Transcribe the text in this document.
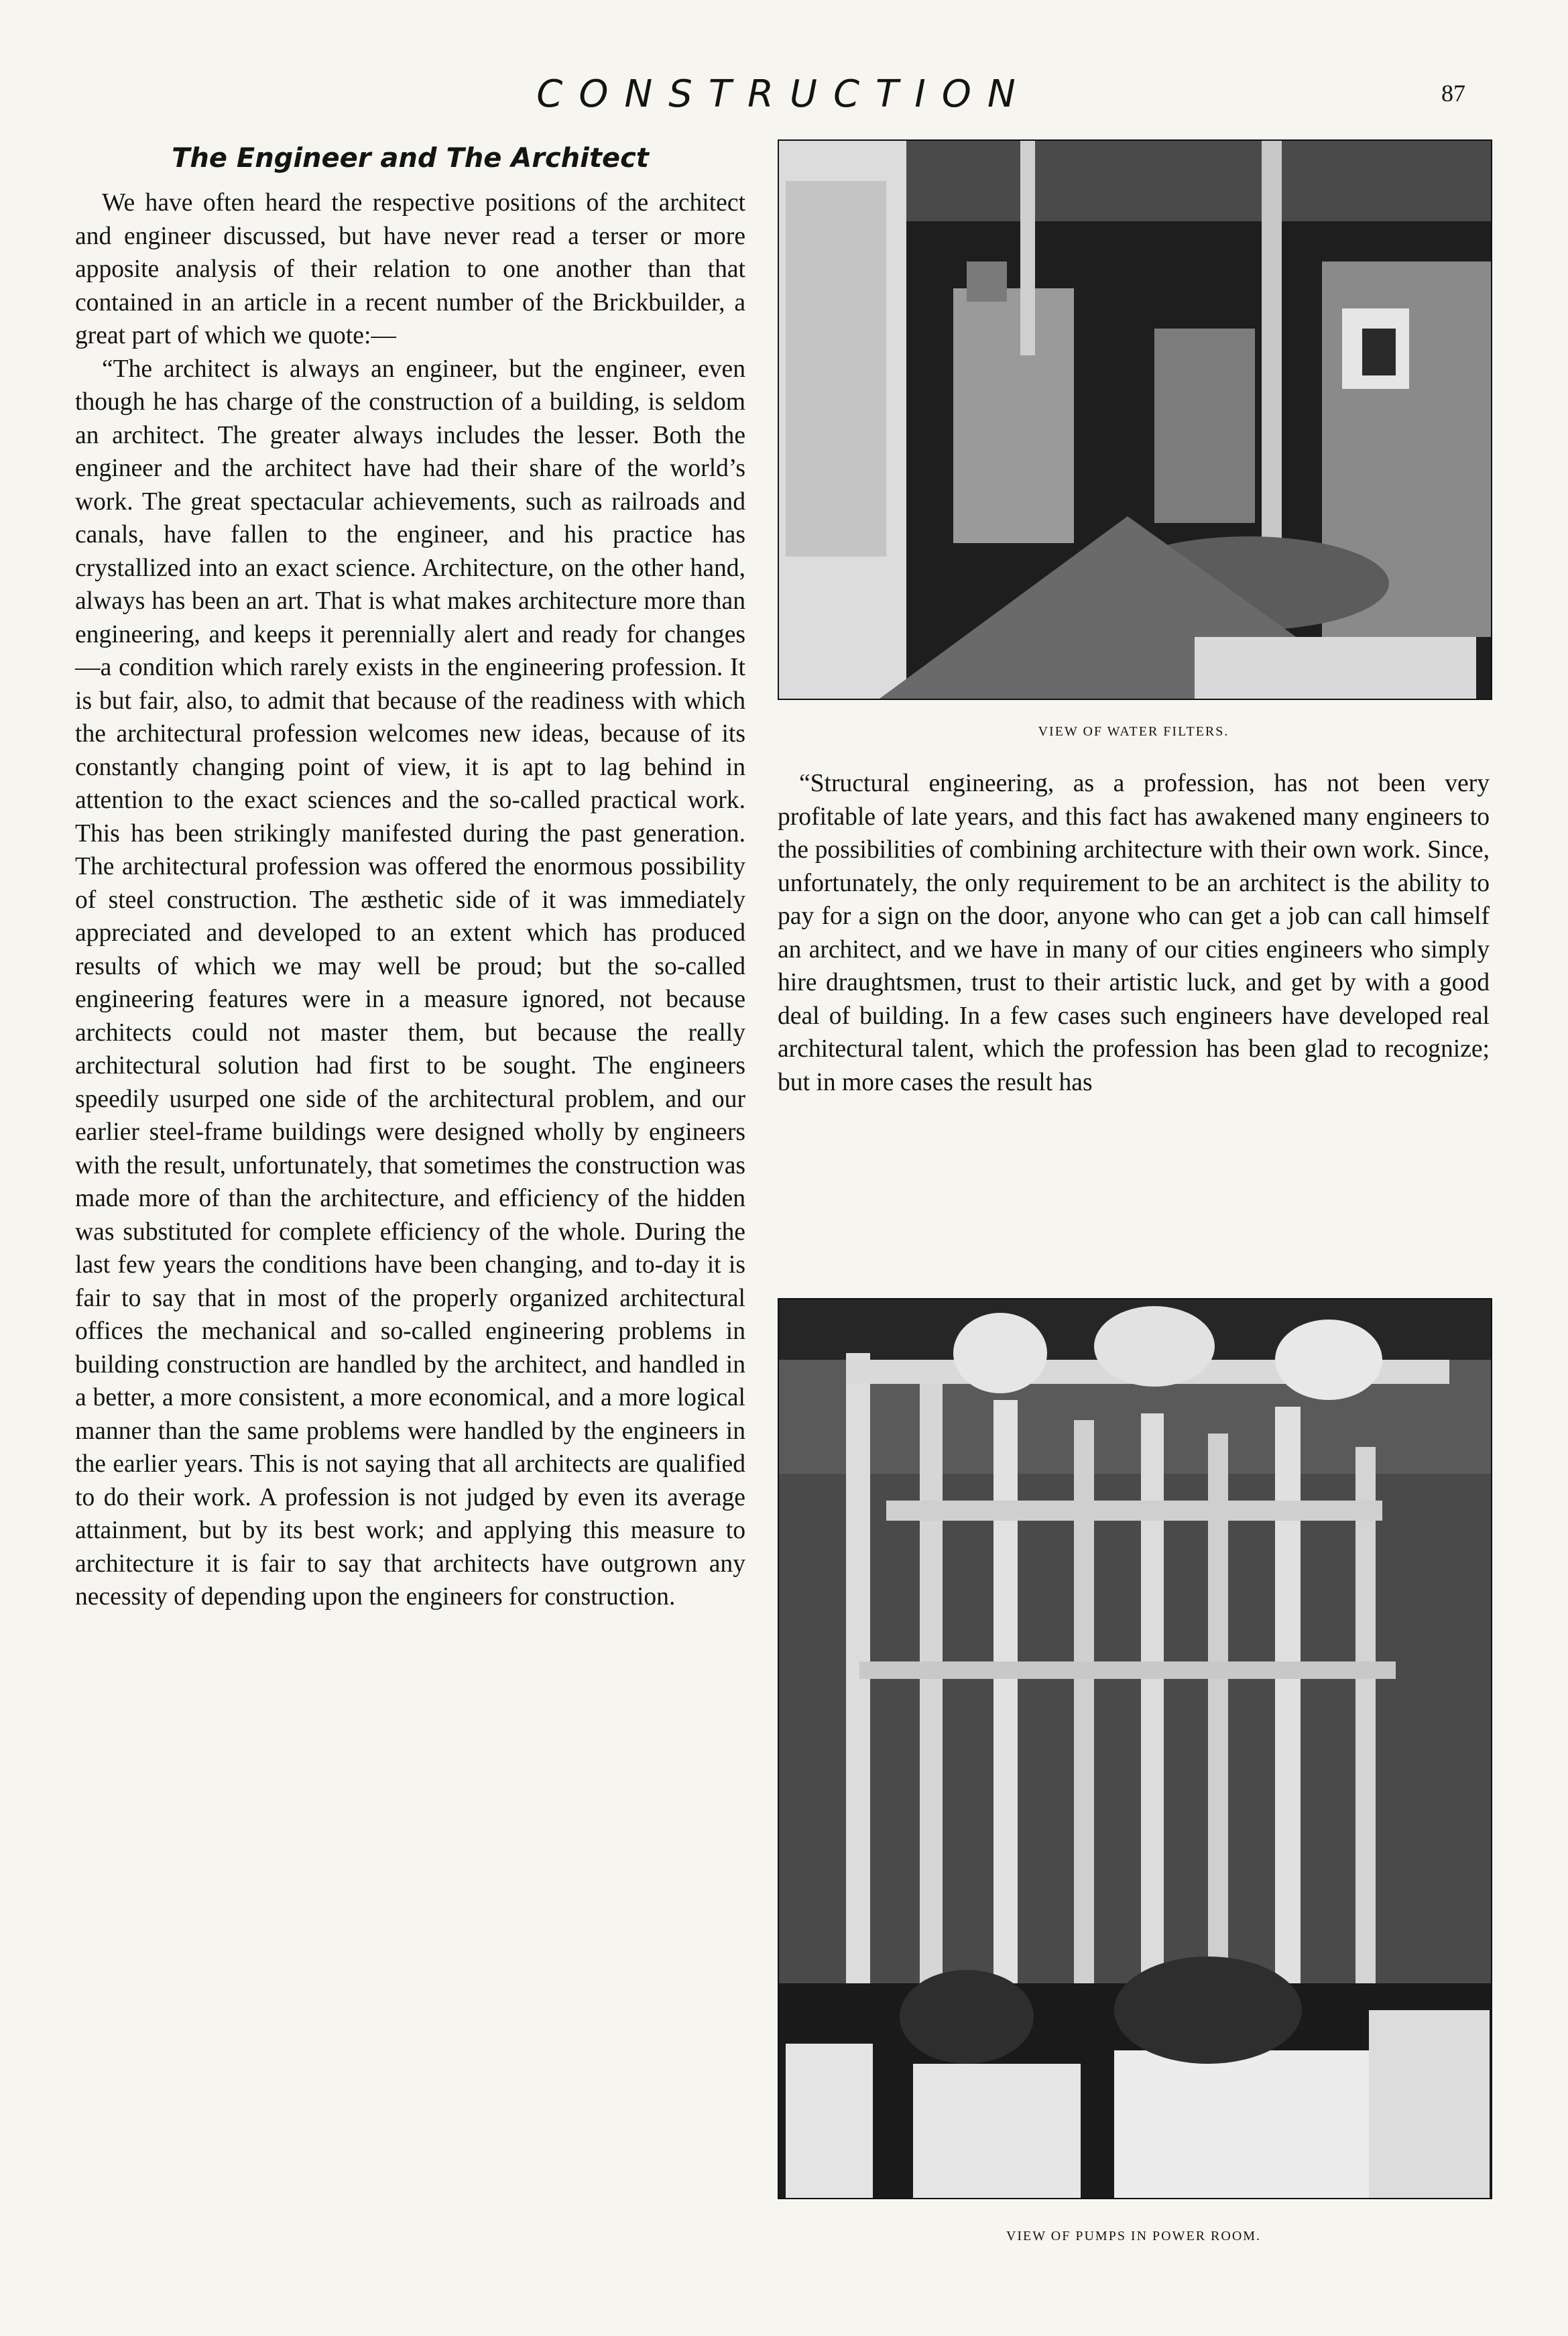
CONSTRUCTION	87
The Engineer and The Architect

We have often heard the respective positions of the architect and engineer discussed, but have never read a terser or more apposite analysis of their relation to one another than that contained in an article in a recent number of the Brickbuilder, a great part of which we quote:—

“The architect is always an engineer, but the engineer, even though he has charge of the construction of a building, is seldom an architect. The greater always includes the lesser. Both the engineer and the architect have had their share of the world’s work. The great spectacular achievements, such as railroads and canals, have fallen to the engineer, and his practice has crystallized into an exact science. Architecture, on the other hand, always has been an art. That is what makes architecture more than engineering, and keeps it perennially alert and ready for changes—a condition which rarely exists in the engineering profession. It is but fair, also, to admit that because of the readiness with which the architectural profession welcomes new ideas, because of its constantly changing point of view, it is apt to lag behind in attention to the exact sciences and the so-called practical work. This has been strikingly manifested during the past generation. The architectural profession was offered the enormous possibility of steel construction. The æsthetic side of it was immediately appreciated and developed to an extent which has produced results of which we may well be proud; but the so-called engineering features were in a measure ignored, not because architects could not master them, but because the really architectural solution had first to be sought. The engineers speedily usurped one side of the architectural problem, and our earlier steel-frame buildings were designed wholly by engineers with the result, unfortunately, that sometimes the construction was made more of than the architecture, and efficiency of the hidden was substituted for complete efficiency of the whole. During the last few years the conditions have been changing, and to-day it is fair to say that in most of the properly organized architectural offices the mechanical and so-called engineering problems in building construction are handled by the architect, and handled in a better, a more consistent, a more economical, and a more logical manner than the same problems were handled by the engineers in the earlier years. This is not saying that all architects are qualified to do their work. A profession is not judged by even its average attainment, but by its best work; and applying this measure to architecture it is fair to say that architects have outgrown any necessity of depending upon the engineers for construction.

VIEW OF WATER FILTERS.

“Structural engineering, as a profession, has not been very profitable of late years, and this fact has awakened many engineers to the possibilities of combining architecture with their own work. Since, unfortunately, the only requirement to be an architect is the ability to pay for a sign on the door, anyone who can get a job can call himself an architect, and we have in many of our cities engineers who simply hire draughtsmen, trust to their artistic luck, and get by with a good deal of building. In a few cases such engineers have developed real architectural talent, which the profession has been glad to recognize; but in more cases the result has

VIEW OF PUMPS IN POWER ROOM.
